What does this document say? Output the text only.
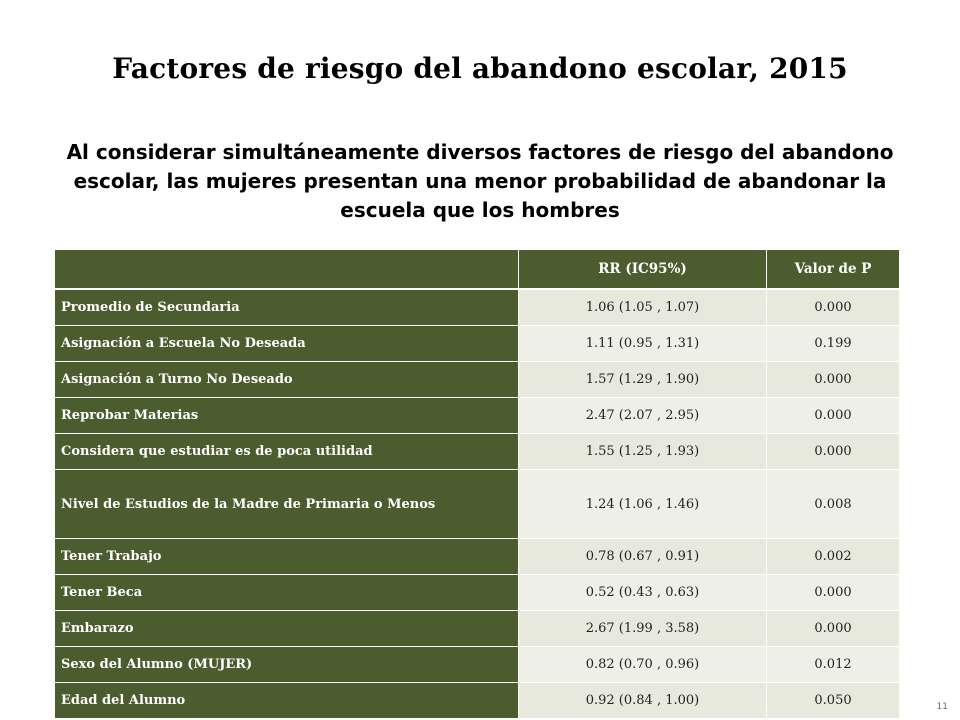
Factores de riesgo del abandono escolar, 2015
Al considerar simultáneamente diversos factores de riesgo del abandono escolar, las mujeres presentan una menor probabilidad de abandonar la escuela que los hombres
	RR (IC95%)	Valor de P
Promedio de Secundaria	1.06 (1.05 , 1.07)	0.000
Asignación a Escuela No Deseada	1.11 (0.95 , 1.31)	0.199
Asignación a Turno No Deseado	1.57 (1.29 , 1.90)	0.000
Reprobar Materias	2.47 (2.07 , 2.95)	0.000
Considera que estudiar es de poca utilidad	1.55 (1.25 , 1.93)	0.000
Nivel de Estudios de la Madre de Primaria o Menos	1.24 (1.06 , 1.46)	0.008
Tener Trabajo	0.78 (0.67 , 0.91)	0.002
Tener Beca	0.52 (0.43 , 0.63)	0.000
Embarazo	2.67 (1.99 , 3.58)	0.000
Sexo del Alumno (MUJER)	0.82 (0.70 , 0.96)	0.012
Edad del Alumno	0.92 (0.84 , 1.00)	0.050	11
